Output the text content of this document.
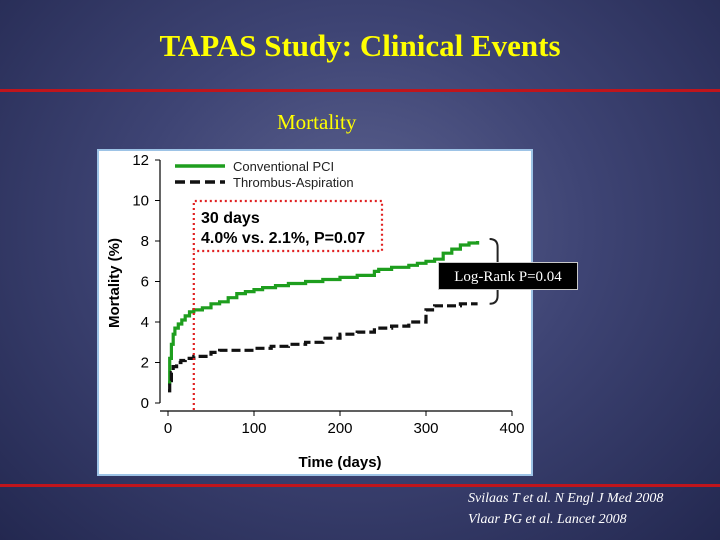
TAPAS Study: Clinical Events
Mortality
0
2
4
6
8
10
12
0	100	200	300	400
Time (days)
Mortality (%)
Conventional PCI
Thrombus-Aspiration
30 days
4.0% vs. 2.1%, P=0.07
Log-Rank P=0.04
Svilaas T et al. N Engl J Med 2008
Vlaar PG et al. Lancet 2008
